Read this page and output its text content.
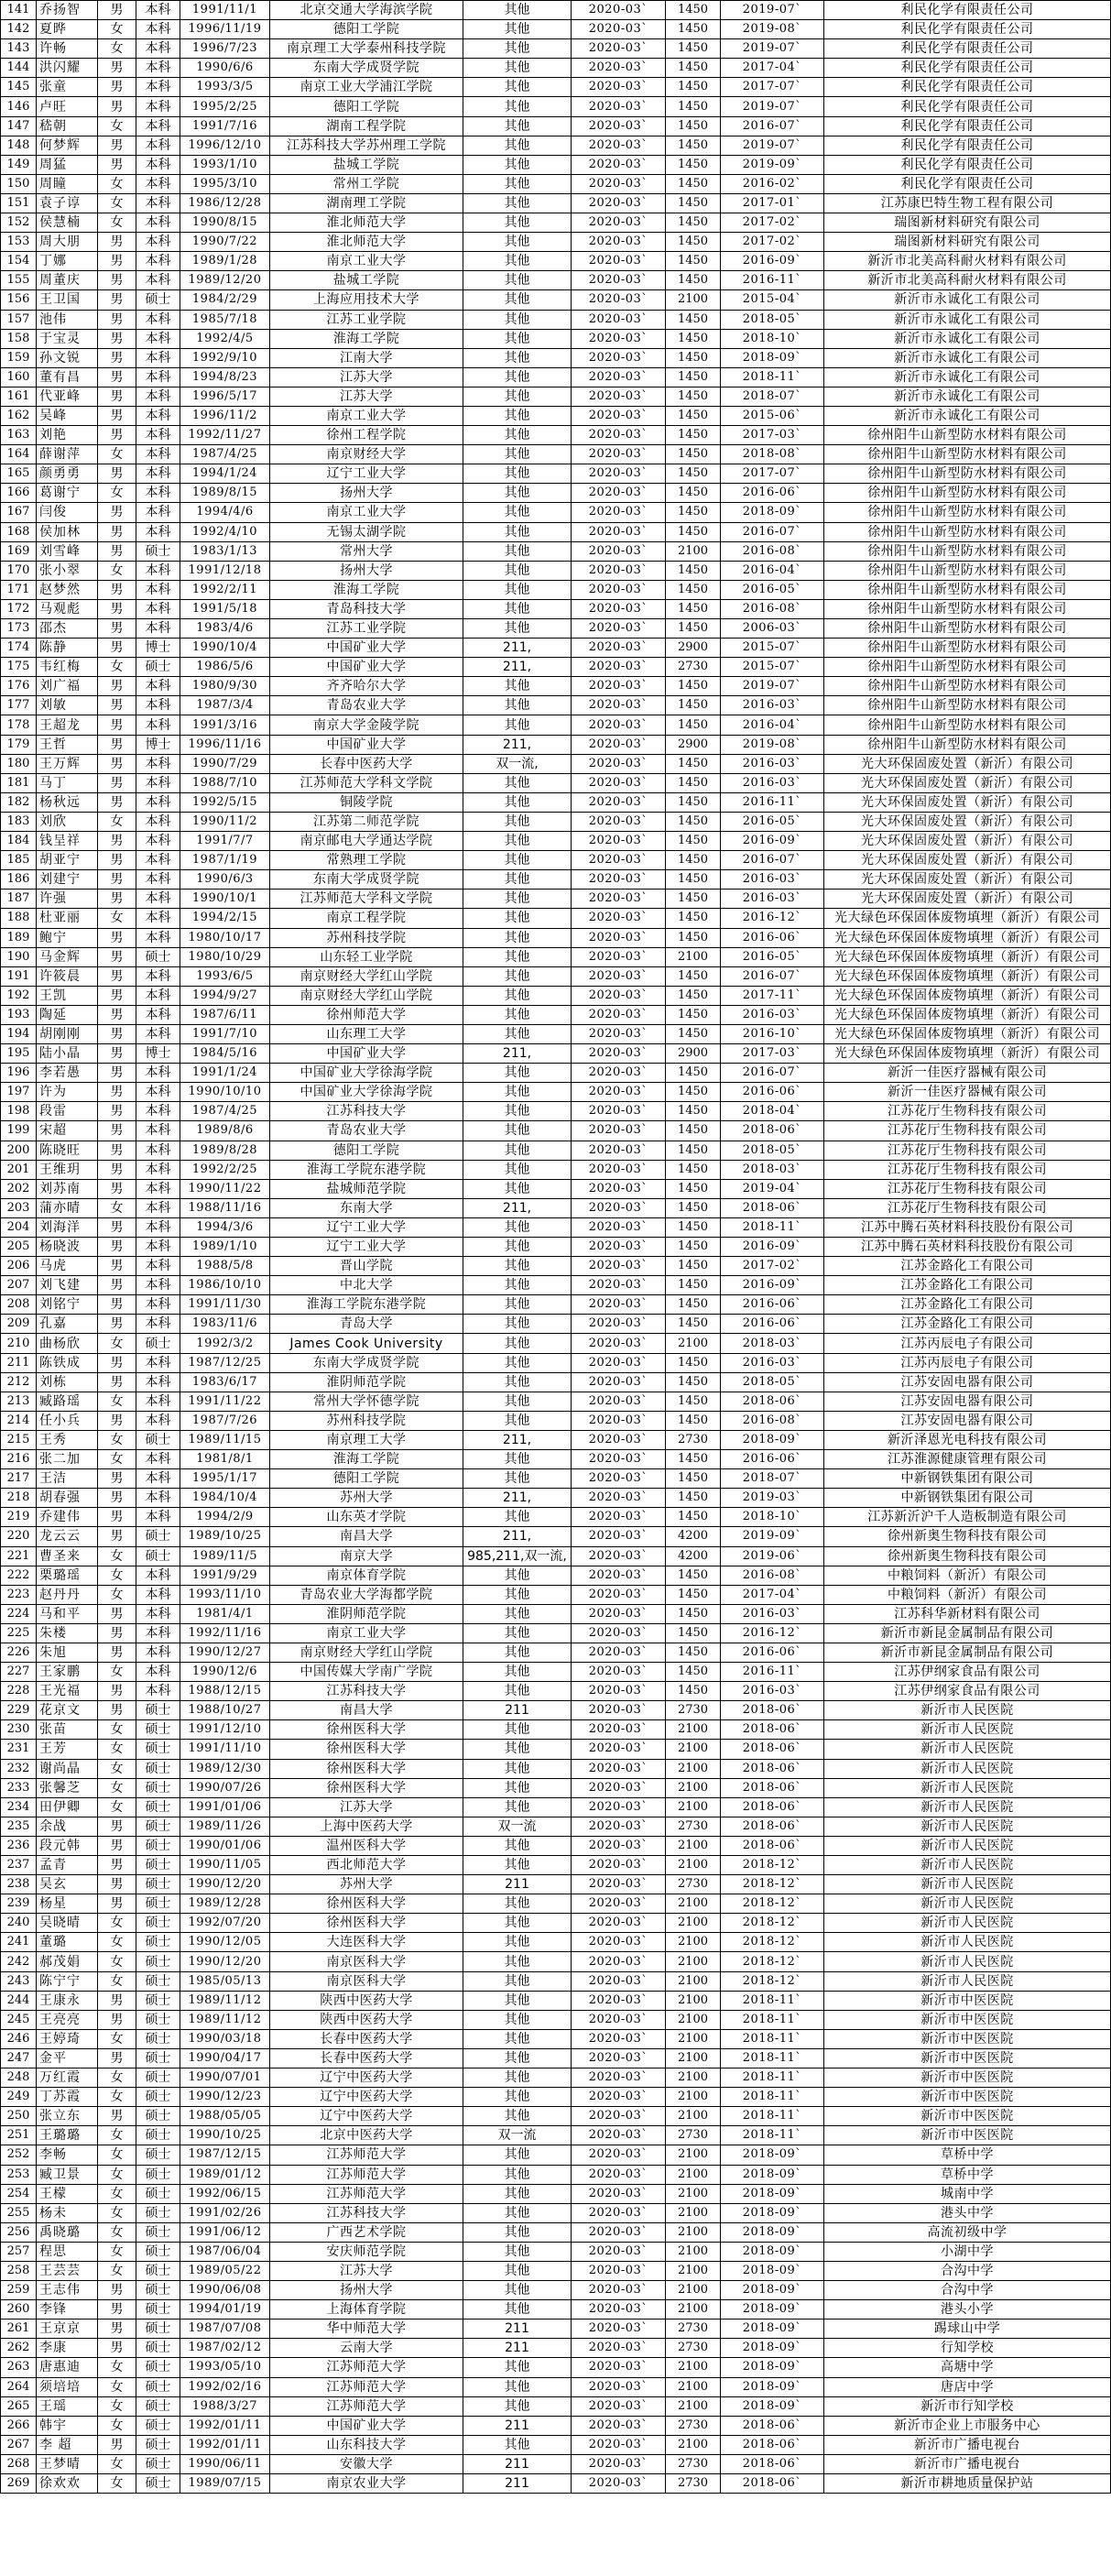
141	乔扬智	男	本科	1991/11/1	北京交通大学海滨学院	其他	2020-03`	1450	2019-07`	利民化学有限责任公司
142	夏晔	女	本科	1996/11/19	德阳工学院	其他	2020-03`	1450	2019-08`	利民化学有限责任公司
143	许畅	女	本科	1996/7/23	南京理工大学泰州科技学院	其他	2020-03`	1450	2019-07`	利民化学有限责任公司
144	洪闪耀	男	本科	1990/6/6	东南大学成贤学院	其他	2020-03`	1450	2017-04`	利民化学有限责任公司
145	张童	男	本科	1993/3/5	南京工业大学浦江学院	其他	2020-03`	1450	2017-07`	利民化学有限责任公司
146	卢旺	男	本科	1995/2/25	德阳工学院	其他	2020-03`	1450	2019-07`	利民化学有限责任公司
147	嵇朝	女	本科	1991/7/16	湖南工程学院	其他	2020-03`	1450	2016-07`	利民化学有限责任公司
148	何梦辉	男	本科	1996/12/10	江苏科技大学苏州理工学院	其他	2020-03`	1450	2019-07`	利民化学有限责任公司
149	周猛	男	本科	1993/1/10	盐城工学院	其他	2020-03`	1450	2019-09`	利民化学有限责任公司
150	周瞳	女	本科	1995/3/10	常州工学院	其他	2020-03`	1450	2016-02`	利民化学有限责任公司
151	袁子谆	女	本科	1986/12/28	湖南理工学院	其他	2020-03`	1450	2017-01`	江苏康巴特生物工程有限公司
152	侯慧楠	女	本科	1990/8/15	淮北师范大学	其他	2020-03`	1450	2017-02`	瑞图新材料研究有限公司
153	周大朋	男	本科	1990/7/22	淮北师范大学	其他	2020-03`	1450	2017-02`	瑞图新材料研究有限公司
154	丁娜	男	本科	1989/1/28	南京工业大学	其他	2020-03`	1450	2016-09`	新沂市北美高科耐火材料有限公司
155	周董庆	男	本科	1989/12/20	盐城工学院	其他	2020-03`	1450	2016-11`	新沂市北美高科耐火材料有限公司
156	王卫国	男	硕士	1984/2/29	上海应用技术大学	其他	2020-03`	2100	2015-04`	新沂市永诚化工有限公司
157	池伟	男	本科	1985/7/18	江苏工业学院	其他	2020-03`	1450	2018-05`	新沂市永诚化工有限公司
158	于宝灵	男	本科	1992/4/5	淮海工学院	其他	2020-03`	1450	2018-10`	新沂市永诚化工有限公司
159	孙文锐	男	本科	1992/9/10	江南大学	其他	2020-03`	1450	2018-09`	新沂市永诚化工有限公司
160	董有昌	男	本科	1994/8/23	江苏大学	其他	2020-03`	1450	2018-11`	新沂市永诚化工有限公司
161	代亚峰	男	本科	1996/5/17	江苏大学	其他	2020-03`	1450	2018-07`	新沂市永诚化工有限公司
162	吴峰	男	本科	1996/11/2	南京工业大学	其他	2020-03`	1450	2015-06`	新沂市永诚化工有限公司
163	刘艳	男	本科	1992/11/27	徐州工程学院	其他	2020-03`	1450	2017-03`	徐州阳牛山新型防水材料有限公司
164	薛谢萍	女	本科	1987/4/25	南京财经大学	其他	2020-03`	1450	2018-08`	徐州阳牛山新型防水材料有限公司
165	颜勇勇	男	本科	1994/1/24	辽宁工业大学	其他	2020-03`	1450	2017-07`	徐州阳牛山新型防水材料有限公司
166	葛谢宁	女	本科	1989/8/15	扬州大学	其他	2020-03`	1450	2016-06`	徐州阳牛山新型防水材料有限公司
167	闫俊	男	本科	1994/4/6	南京工业大学	其他	2020-03`	1450	2018-09`	徐州阳牛山新型防水材料有限公司
168	侯加林	男	本科	1992/4/10	无锡太湖学院	其他	2020-03`	1450	2016-07`	徐州阳牛山新型防水材料有限公司
169	刘雪峰	男	硕士	1983/1/13	常州大学	其他	2020-03`	2100	2016-08`	徐州阳牛山新型防水材料有限公司
170	张小翠	女	本科	1991/12/18	扬州大学	其他	2020-03`	1450	2016-04`	徐州阳牛山新型防水材料有限公司
171	赵梦然	男	本科	1992/2/11	淮海工学院	其他	2020-03`	1450	2016-05`	徐州阳牛山新型防水材料有限公司
172	马观彪	男	本科	1991/5/18	青岛科技大学	其他	2020-03`	1450	2016-08`	徐州阳牛山新型防水材料有限公司
173	邵杰	男	本科	1983/4/6	江苏工业学院	其他	2020-03`	1450	2006-03`	徐州阳牛山新型防水材料有限公司
174	陈静	男	博士	1990/10/4	中国矿业大学	211,	2020-03`	2900	2015-07`	徐州阳牛山新型防水材料有限公司
175	韦红梅	女	硕士	1986/5/6	中国矿业大学	211,	2020-03`	2730	2015-07`	徐州阳牛山新型防水材料有限公司
176	刘广福	男	本科	1980/9/30	齐齐哈尔大学	其他	2020-03`	1450	2019-07`	徐州阳牛山新型防水材料有限公司
177	刘敏	男	本科	1987/3/4	青岛农业大学	其他	2020-03`	1450	2016-03`	徐州阳牛山新型防水材料有限公司
178	王超龙	男	本科	1991/3/16	南京大学金陵学院	其他	2020-03`	1450	2016-04`	徐州阳牛山新型防水材料有限公司
179	王哲	男	博士	1996/11/16	中国矿业大学	211,	2020-03`	2900	2019-08`	徐州阳牛山新型防水材料有限公司
180	王万辉	男	本科	1990/7/29	长春中医药大学	双一流,	2020-03`	1450	2016-03`	光大环保固废处置（新沂）有限公司
181	马丁	男	本科	1988/7/10	江苏师范大学科文学院	其他	2020-03`	1450	2016-03`	光大环保固废处置（新沂）有限公司
182	杨秋远	男	本科	1992/5/15	铜陵学院	其他	2020-03`	1450	2016-11`	光大环保固废处置（新沂）有限公司
183	刘欣	女	本科	1990/11/2	江苏第二师范学院	其他	2020-03`	1450	2016-05`	光大环保固废处置（新沂）有限公司
184	钱呈祥	男	本科	1991/7/7	南京邮电大学通达学院	其他	2020-03`	1450	2016-09`	光大环保固废处置（新沂）有限公司
185	胡亚宁	男	本科	1987/1/19	常熟理工学院	其他	2020-03`	1450	2016-07`	光大环保固废处置（新沂）有限公司
186	刘建宁	男	本科	1990/6/3	东南大学成贤学院	其他	2020-03`	1450	2016-03`	光大环保固废处置（新沂）有限公司
187	许强	男	本科	1990/10/1	江苏师范大学科文学院	其他	2020-03`	1450	2016-03`	光大环保固废处置（新沂）有限公司
188	杜亚丽	女	本科	1994/2/15	南京工程学院	其他	2020-03`	1450	2016-12`	光大绿色环保固体废物填埋（新沂）有限公司
189	鲍宁	男	本科	1980/10/17	苏州科技学院	其他	2020-03`	1450	2016-06`	光大绿色环保固体废物填埋（新沂）有限公司
190	马金辉	男	硕士	1980/10/29	山东轻工业学院	其他	2020-03`	2100	2016-05`	光大绿色环保固体废物填埋（新沂）有限公司
191	许筱晨	男	本科	1993/6/5	南京财经大学红山学院	其他	2020-03`	1450	2016-07`	光大绿色环保固体废物填埋（新沂）有限公司
192	王凯	男	本科	1994/9/27	南京财经大学红山学院	其他	2020-03`	1450	2017-11`	光大绿色环保固体废物填埋（新沂）有限公司
193	陶延	男	本科	1987/6/11	徐州师范大学	其他	2020-03`	1450	2016-03`	光大绿色环保固体废物填埋（新沂）有限公司
194	胡刚刚	男	本科	1991/7/10	山东理工大学	其他	2020-03`	1450	2016-10`	光大绿色环保固体废物填埋（新沂）有限公司
195	陆小晶	男	博士	1984/5/16	中国矿业大学	211,	2020-03`	2900	2017-03`	光大绿色环保固体废物填埋（新沂）有限公司
196	李若愚	男	本科	1991/1/24	中国矿业大学徐海学院	其他	2020-03`	1450	2016-07`	新沂一佳医疗器械有限公司
197	许为	男	本科	1990/10/10	中国矿业大学徐海学院	其他	2020-03`	1450	2016-06`	新沂一佳医疗器械有限公司
198	段雷	男	本科	1987/4/25	江苏科技大学	其他	2020-03`	1450	2018-04`	江苏花厅生物科技有限公司
199	宋超	男	本科	1989/8/6	青岛农业大学	其他	2020-03`	1450	2018-06`	江苏花厅生物科技有限公司
200	陈晓旺	男	本科	1989/8/28	德阳工学院	其他	2020-03`	1450	2018-05`	江苏花厅生物科技有限公司
201	王维玥	男	本科	1992/2/25	淮海工学院东港学院	其他	2020-03`	1450	2018-03`	江苏花厅生物科技有限公司
202	刘苏南	男	本科	1990/11/22	盐城师范学院	其他	2020-03`	1450	2019-04`	江苏花厅生物科技有限公司
203	蒲亦晴	女	本科	1988/11/16	东南大学	211,	2020-03`	1450	2018-06`	江苏花厅生物科技有限公司
204	刘海洋	男	本科	1994/3/6	辽宁工业大学	其他	2020-03`	1450	2018-11`	江苏中腾石英材料科技股份有限公司
205	杨晓波	男	本科	1989/1/10	辽宁工业大学	其他	2020-03`	1450	2016-09`	江苏中腾石英材料科技股份有限公司
206	马虎	男	本科	1988/5/8	晋山学院	其他	2020-03`	1450	2017-02`	江苏金路化工有限公司
207	刘飞建	男	本科	1986/10/10	中北大学	其他	2020-03`	1450	2016-09`	江苏金路化工有限公司
208	刘铭宁	男	本科	1991/11/30	淮海工学院东港学院	其他	2020-03`	1450	2016-06`	江苏金路化工有限公司
209	孔嘉	男	本科	1983/11/6	青岛大学	其他	2020-03`	1450	2016-06`	江苏金路化工有限公司
210	曲杨欣	女	硕士	1992/3/2	James Cook University	其他	2020-03`	2100	2018-03`	江苏丙辰电子有限公司
211	陈铁成	男	本科	1987/12/25	东南大学成贤学院	其他	2020-03`	1450	2016-03`	江苏丙辰电子有限公司
212	刘栋	男	本科	1983/6/17	淮阴师范学院	其他	2020-03`	1450	2018-05`	江苏安固电器有限公司
213	臧路瑶	女	本科	1991/11/22	常州大学怀德学院	其他	2020-03`	1450	2018-06`	江苏安固电器有限公司
214	任小兵	男	本科	1987/7/26	苏州科技学院	其他	2020-03`	1450	2016-08`	江苏安固电器有限公司
215	王秀	女	硕士	1989/11/15	南京理工大学	211,	2020-03`	2730	2018-09`	新沂泽恩光电科技有限公司
216	张二加	女	本科	1981/8/1	淮海工学院	其他	2020-03`	1450	2016-06`	江苏淮源健康管理有限公司
217	王洁	男	本科	1995/1/17	德阳工学院	其他	2020-03`	1450	2018-07`	中新钢铁集团有限公司
218	胡春强	男	本科	1984/10/4	苏州大学	211,	2020-03`	1450	2019-03`	中新钢铁集团有限公司
219	乔建伟	男	本科	1994/2/9	山东英才学院	其他	2020-03`	1450	2018-10`	江苏新沂沪千人造板制造有限公司
220	龙云云	男	硕士	1989/10/25	南昌大学	211,	2020-03`	4200	2019-09`	徐州新奥生物科技有限公司
221	曹圣来	女	硕士	1989/11/5	南京大学	985,211,双一流,	2020-03`	4200	2019-06`	徐州新奥生物科技有限公司
222	栗璐瑶	女	本科	1991/9/29	南京体育学院	其他	2020-03`	1450	2016-08`	中粮饲料（新沂）有限公司
223	赵丹丹	女	本科	1993/11/10	青岛农业大学海都学院	其他	2020-03`	1450	2017-04`	中粮饲料（新沂）有限公司
224	马和平	男	本科	1981/4/1	淮阴师范学院	其他	2020-03`	1450	2016-03`	江苏科华新材料有限公司
225	朱楼	男	本科	1992/11/16	南京工业大学	其他	2020-03`	1450	2016-12`	新沂市新昆金属制品有限公司
226	朱旭	男	本科	1990/12/27	南京财经大学红山学院	其他	2020-03`	1450	2016-06`	新沂市新昆金属制品有限公司
227	王家鹏	女	本科	1990/12/6	中国传媒大学南广学院	其他	2020-03`	1450	2016-11`	江苏伊纲家食品有限公司
228	王光福	男	本科	1988/12/15	江苏科技大学	其他	2020-03`	1450	2016-03`	江苏伊纲家食品有限公司
229	花京文	男	硕士	1988/10/27	南昌大学	211	2020-03`	2730	2018-06`	新沂市人民医院
230	张苗	女	硕士	1991/12/10	徐州医科大学	其他	2020-03`	2100	2018-06`	新沂市人民医院
231	王芳	女	硕士	1991/11/10	徐州医科大学	其他	2020-03`	2100	2018-06`	新沂市人民医院
232	谢尚晶	女	硕士	1989/12/30	徐州医科大学	其他	2020-03`	2100	2018-06`	新沂市人民医院
233	张馨芝	女	硕士	1990/07/26	徐州医科大学	其他	2020-03`	2100	2018-06`	新沂市人民医院
234	田伊卿	女	硕士	1991/01/06	江苏大学	其他	2020-03`	2100	2018-06`	新沂市人民医院
235	余战	男	硕士	1989/11/26	上海中医药大学	双一流	2020-03`	2730	2018-06`	新沂市人民医院
236	段元韩	男	硕士	1990/01/06	温州医科大学	其他	2020-03`	2100	2018-06`	新沂市人民医院
237	孟青	男	硕士	1990/11/05	西北师范大学	其他	2020-03`	2100	2018-12`	新沂市人民医院
238	吴玄	男	硕士	1990/12/20	苏州大学	211	2020-03`	2730	2018-12`	新沂市人民医院
239	杨星	男	硕士	1989/12/28	徐州医科大学	其他	2020-03`	2100	2018-12`	新沂市人民医院
240	吴晓晴	女	硕士	1992/07/20	徐州医科大学	其他	2020-03`	2100	2018-12`	新沂市人民医院
241	董璐	女	硕士	1990/12/05	大连医科大学	其他	2020-03`	2100	2018-12`	新沂市人民医院
242	郝茂娟	女	硕士	1990/12/20	南京医科大学	其他	2020-03`	2100	2018-12`	新沂市人民医院
243	陈宁宁	女	硕士	1985/05/13	南京医科大学	其他	2020-03`	2100	2018-12`	新沂市人民医院
244	王康永	男	硕士	1989/11/12	陕西中医药大学	其他	2020-03`	2100	2018-11`	新沂市中医医院
245	王亮亮	男	硕士	1989/11/12	陕西中医药大学	其他	2020-03`	2100	2018-11`	新沂市中医医院
246	王婷琦	女	硕士	1990/03/18	长春中医药大学	其他	2020-03`	2100	2018-11`	新沂市中医医院
247	金平	男	硕士	1990/04/17	长春中医药大学	其他	2020-03`	2100	2018-11`	新沂市中医医院
248	万红霞	女	硕士	1990/07/01	辽宁中医药大学	其他	2020-03`	2100	2018-11`	新沂市中医医院
249	丁苏霞	女	硕士	1990/12/23	辽宁中医药大学	其他	2020-03`	2100	2018-11`	新沂市中医医院
250	张立东	男	硕士	1988/05/05	辽宁中医药大学	其他	2020-03`	2100	2018-11`	新沂市中医医院
251	王璐璐	女	硕士	1990/10/25	北京中医药大学	双一流	2020-03`	2730	2018-11`	新沂市中医医院
252	李畅	女	硕士	1987/12/15	江苏师范大学	其他	2020-03`	2100	2018-09`	草桥中学
253	臧卫景	女	硕士	1989/01/12	江苏师范大学	其他	2020-03`	2100	2018-09`	草桥中学
254	王檬	女	硕士	1992/06/15	江苏师范大学	其他	2020-03`	2100	2018-09`	城南中学
255	杨未	女	硕士	1991/02/26	江苏科技大学	其他	2020-03`	2100	2018-09`	港头中学
256	禹晓璐	女	硕士	1991/06/12	广西艺术学院	其他	2020-03`	2100	2018-09`	高流初级中学
257	程思	女	硕士	1987/06/04	安庆师范学院	其他	2020-03`	2100	2018-09`	小湖中学
258	王芸芸	女	硕士	1989/05/22	江苏大学	其他	2020-03`	2100	2018-09`	合沟中学
259	王志伟	男	硕士	1990/06/08	扬州大学	其他	2020-03`	2100	2018-09`	合沟中学
260	李锋	男	硕士	1994/01/19	上海体育学院	其他	2020-03`	2100	2018-09`	港头小学
261	王京京	男	硕士	1987/07/08	华中师范大学	211	2020-03`	2730	2018-09`	踢球山中学
262	李康	男	硕士	1987/02/12	云南大学	211	2020-03`	2730	2018-09`	行知学校
263	唐惠迪	女	硕士	1993/05/10	江苏师范大学	其他	2020-03`	2100	2018-09`	高塘中学
264	须培培	女	硕士	1992/02/16	江苏师范大学	其他	2020-03`	2100	2018-09`	唐店中学
265	王瑶	女	硕士	1988/3/27	江苏师范大学	其他	2020-03`	2100	2018-09`	新沂市行知学校
266	韩宇	女	硕士	1992/01/11	中国矿业大学	211	2020-03`	2730	2018-06`	新沂市企业上市服务中心
267	李 超	男	硕士	1992/01/11	山东科技大学	其他	2020-03`	2100	2018-06`	新沂市广播电视台
268	王梦晴	女	硕士	1990/06/11	安徽大学	211	2020-03`	2730	2018-06`	新沂市广播电视台
269	徐欢欢	女	硕士	1989/07/15	南京农业大学	211	2020-03`	2730	2018-06`	新沂市耕地质量保护站
